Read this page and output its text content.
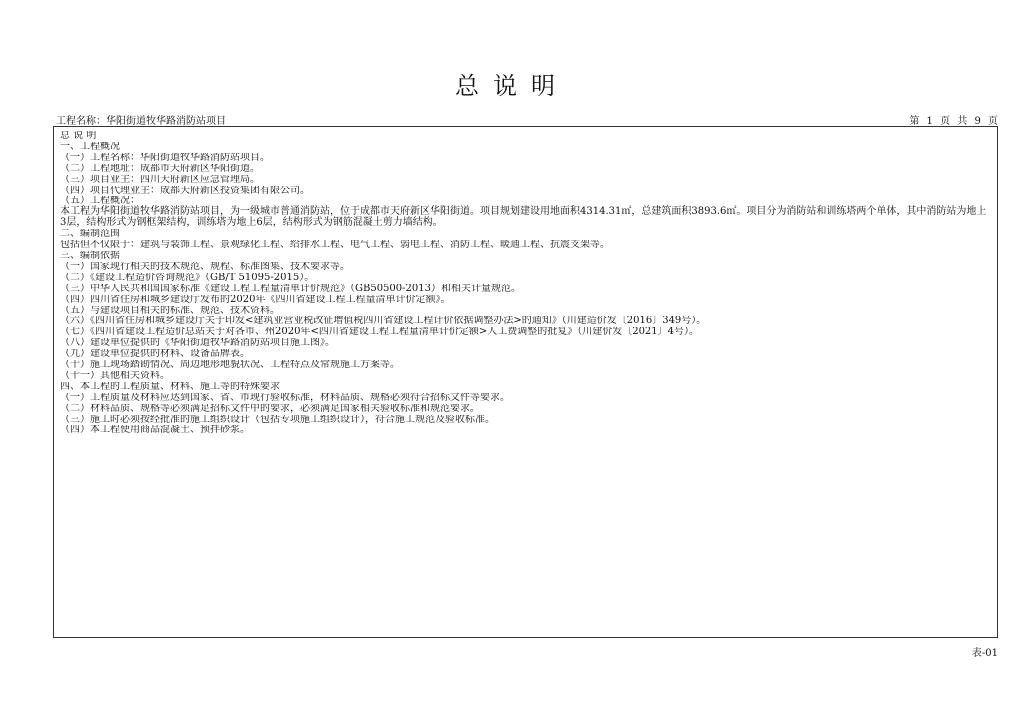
总说明
工程名称：华阳街道牧华路消防站项目	第 1 页 共 9 页
总 说 明
一、工程概况
（一）工程名称：华阳街道牧华路消防站项目。
（二）工程地址：成都市天府新区华阳街道。
（三）项目业主：四川天府新区应急管理局。
（四）项目代理业主：成都天府新区投资集团有限公司。
（五）工程概况：
本工程为华阳街道牧华路消防站项目，为一级城市普通消防站，位于成都市天府新区华阳街道。项目规划建设用地面积4314.31㎡，总建筑面积3893.6㎡。项目分为消防站和训练塔两个单体，其中消防站为地上3层，结构形式为钢框架结构，训练塔为地上6层，结构形式为钢筋混凝土剪力墙结构。
二、编制范围
包括但不仅限于：建筑与装饰工程、景观绿化工程、给排水工程、电气工程、弱电工程、消防工程、暖通工程、抗震支架等。
三、编制依据
（一）国家现行相关的技术规范、规程、标准图集、技术要求等。
（二）《建设工程造价咨询规范》（GB/T 51095-2015）。
（三）中华人民共和国国家标准《建设工程工程量清单计价规范》（GB50500-2013）和相关计量规范。
（四）四川省住房和城乡建设厅发布的2020年《四川省建设工程工程量清单计价定额》。
（五）与建设项目相关的标准、规范、技术资料。
（六）《四川省住房和城乡建设厅关于印发<建筑业营业税改征增值税四川省建设工程计价依据调整办法>的通知》（川建造价发〔2016〕349号）。
（七）《四川省建设工程造价总站关于对各市、州2020年<四川省建设工程工程量清单计价定额>人工费调整的批复》（川建价发〔2021〕4号）。
（八）建设单位提供的《华阳街道牧华路消防站项目施工图》。
（九）建设单位提供的材料、设备品牌表。
（十）施工现场踏勘情况、周边地形地貌状况、工程特点及常规施工方案等。
（十一）其他相关资料。
四、本工程的工程质量、材料、施工等的特殊要求
（一）工程质量及材料应达到国家、省、市现行验收标准，材料品质、规格必须符合招标文件等要求。
（二）材料品质、规格等必须满足招标文件中的要求，必须满足国家相关验收标准和规范要求。
（三）施工时必须按经批准的施工组织设计（包括专项施工组织设计），符合施工规范及验收标准。
（四）本工程使用商品混凝土、预拌砂浆。
表-01
